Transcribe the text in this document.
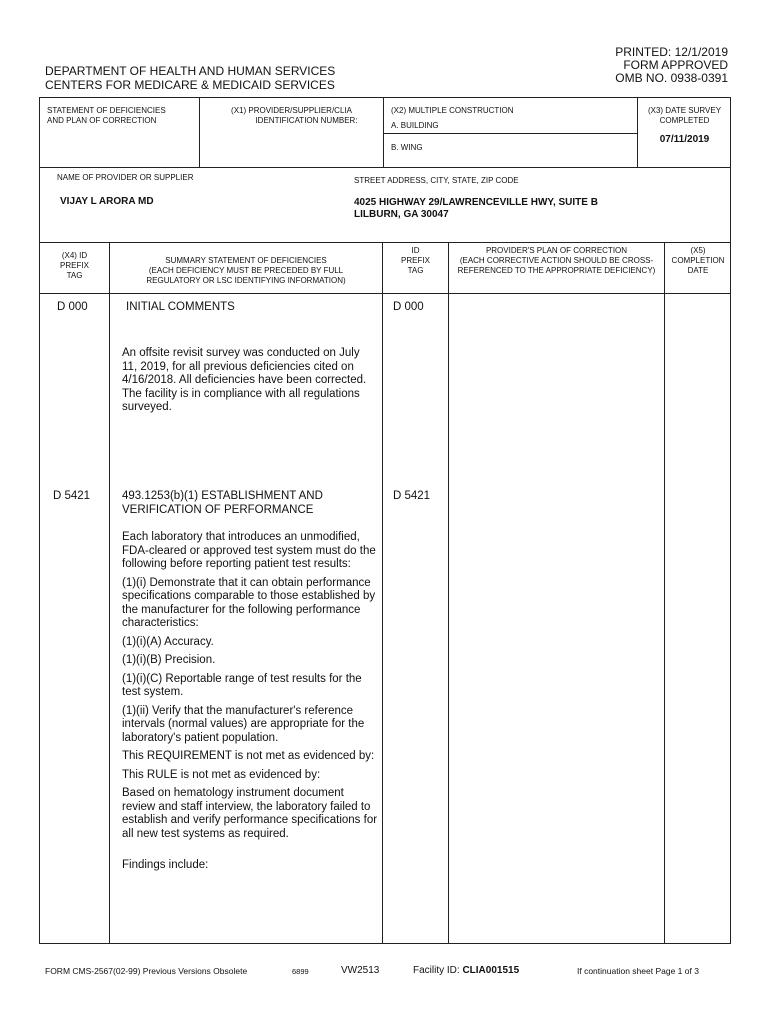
DEPARTMENT OF HEALTH AND HUMAN SERVICES
CENTERS FOR MEDICARE & MEDICAID SERVICES
PRINTED: 12/1/2019
FORM APPROVED
OMB NO. 0938-0391
STATEMENT OF DEFICIENCIES
AND PLAN OF CORRECTION
(X1) PROVIDER/SUPPLIER/CLIA
IDENTIFICATION NUMBER:
(X2) MULTIPLE CONSTRUCTION
A. BUILDING
B. WING
(X3) DATE SURVEY
COMPLETED
07/11/2019
NAME OF PROVIDER OR SUPPLIER
VIJAY L ARORA MD
STREET ADDRESS, CITY, STATE, ZIP CODE
4025 HIGHWAY 29/LAWRENCEVILLE HWY, SUITE B
LILBURN, GA 30047
(X4) ID
PREFIX
TAG
SUMMARY STATEMENT OF DEFICIENCIES
(EACH DEFICIENCY MUST BE PRECEDED BY FULL
REGULATORY OR LSC IDENTIFYING INFORMATION)
ID
PREFIX
TAG
PROVIDER'S PLAN OF CORRECTION
(EACH CORRECTIVE ACTION SHOULD BE CROSS-
REFERENCED TO THE APPROPRIATE DEFICIENCY)
(X5)
COMPLETION
DATE
D 000	D 000
INITIAL COMMENTS
An offsite revisit survey was conducted on July 11, 2019, for all previous deficiencies cited on 4/16/2018. All deficiencies have been corrected. The facility is in compliance with all regulations surveyed.
D 5421	D 5421
493.1253(b)(1) ESTABLISHMENT AND VERIFICATION OF PERFORMANCE

Each laboratory that introduces an unmodified, FDA-cleared or approved test system must do the following before reporting patient test results:

(1)(i) Demonstrate that it can obtain performance specifications comparable to those established by the manufacturer for the following performance characteristics:

(1)(i)(A) Accuracy.

(1)(i)(B) Precision.

(1)(i)(C) Reportable range of test results for the test system.

(1)(ii) Verify that the manufacturer's reference intervals (normal values) are appropriate for the laboratory's patient population.

This REQUIREMENT is not met as evidenced by:

This RULE is not met as evidenced by:

Based on hematology instrument document review and staff interview, the laboratory failed to establish and verify performance specifications for all new test systems as required.

Findings include:

FORM CMS-2567(02-99) Previous Versions Obsolete	6899	VW2513	Facility ID: CLIA001515	If continuation sheet Page 1 of 3
